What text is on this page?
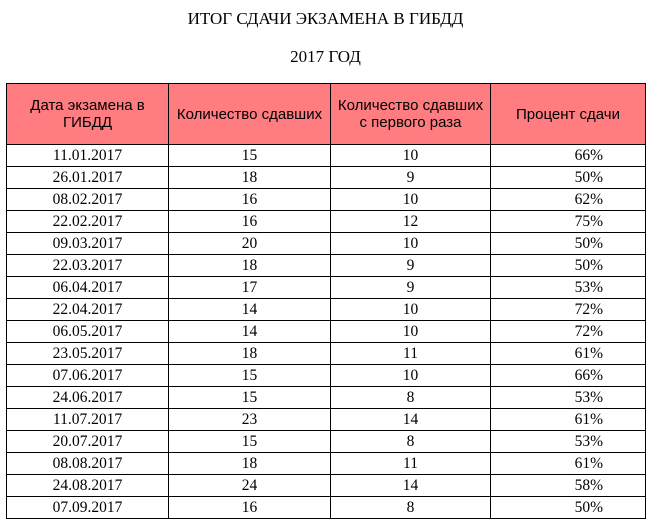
ИТОГ СДАЧИ ЭКЗАМЕНА В ГИБДД
2017 ГОД
Дата экзамена в ГИБДД	Количество сдавших	Количество сдавших с первого раза	Процент сдачи
11.01.2017	15	10	66%
26.01.2017	18	9	50%
08.02.2017	16	10	62%
22.02.2017	16	12	75%
09.03.2017	20	10	50%
22.03.2017	18	9	50%
06.04.2017	17	9	53%
22.04.2017	14	10	72%
06.05.2017	14	10	72%
23.05.2017	18	11	61%
07.06.2017	15	10	66%
24.06.2017	15	8	53%
11.07.2017	23	14	61%
20.07.2017	15	8	53%
08.08.2017	18	11	61%
24.08.2017	24	14	58%
07.09.2017	16	8	50%
